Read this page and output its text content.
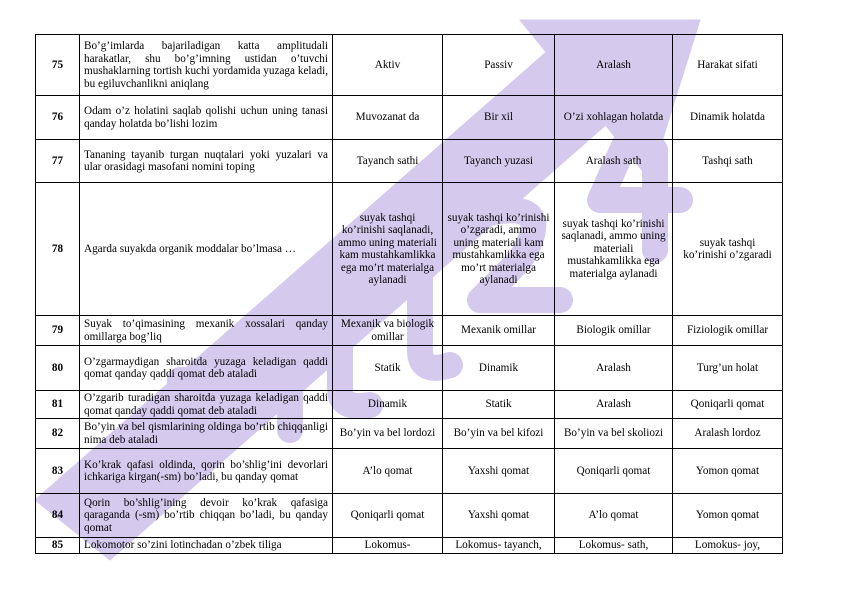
75	Bo’g’imlarda bajariladigan katta amplitudali harakatlar, shu bo’g’imning ustidan o’tuvchi mushaklarning tortish kuchi yordamida yuzaga keladi, bu egiluvchanlikni aniqlang	Aktiv	Passiv	Aralash	Harakat sifati
76	Odam o’z holatini saqlab qolishi uchun uning tanasi qanday holatda bo’lishi lozim	Muvozanat da	Bir xil	O’zi xohlagan holatda	Dinamik holatda
77	Tananing tayanib turgan nuqtalari yoki yuzalari va ular orasidagi masofani nomini toping	Tayanch sathi	Tayanch yuzasi	Aralash sath	Tashqi sath
78	Agarda suyakda organik moddalar bo’lmasa …	suyak tashqi ko’rinishi saqlanadi, ammo uning materiali kam mustahkamlikka ega mo’rt materialga aylanadi	suyak tashqi ko’rinishi o’zgaradi, ammo uning materiali kam mustahkamlikka ega mo’rt materialga aylanadi	suyak tashqi ko’rinishi saqlanadi, ammo uning materiali mustahkamlikka ega materialga aylanadi	suyak tashqi ko’rinishi o’zgaradi
79	Suyak to’qimasining mexanik xossalari qanday omillarga bog’liq	Mexanik va biologik omillar	Mexanik omillar	Biologik omillar	Fiziologik omillar
80	O’zgarmaydigan sharoitda yuzaga keladigan qaddi qomat qanday qaddi qomat deb ataladi	Statik	Dinamik	Aralash	Turg’un holat
81	O’zgarib turadigan sharoitda yuzaga keladigan qaddi qomat qanday qaddi qomat deb ataladi	Dinamik	Statik	Aralash	Qoniqarli qomat
82	Bo’yin va bel qismlarining oldinga bo’rtib chiqqanligi nima deb ataladi	Bo’yin va bel lordozi	Bo’yin va bel kifozi	Bo’yin va bel skoliozi	Aralash lordoz
83	Ko’krak qafasi oldinda, qorin bo’shlig’ini devorlari ichkariga kirgan(-sm) bo’ladi, bu qanday qomat	A’lo qomat	Yaxshi qomat	Qoniqarli qomat	Yomon qomat
84	Qorin bo’shlig’ining devoir ko’krak qafasiga qaraganda (-sm) bo’rtib chiqqan bo’ladi, bu qanday qomat	Qoniqarli qomat	Yaxshi qomat	A’lo qomat	Yomon qomat
85	Lokomotor so’zini lotinchadan o’zbek tiliga	Lokomus-	Lokomus- tayanch,	Lokomus- sath,	Lomokus- joy,
